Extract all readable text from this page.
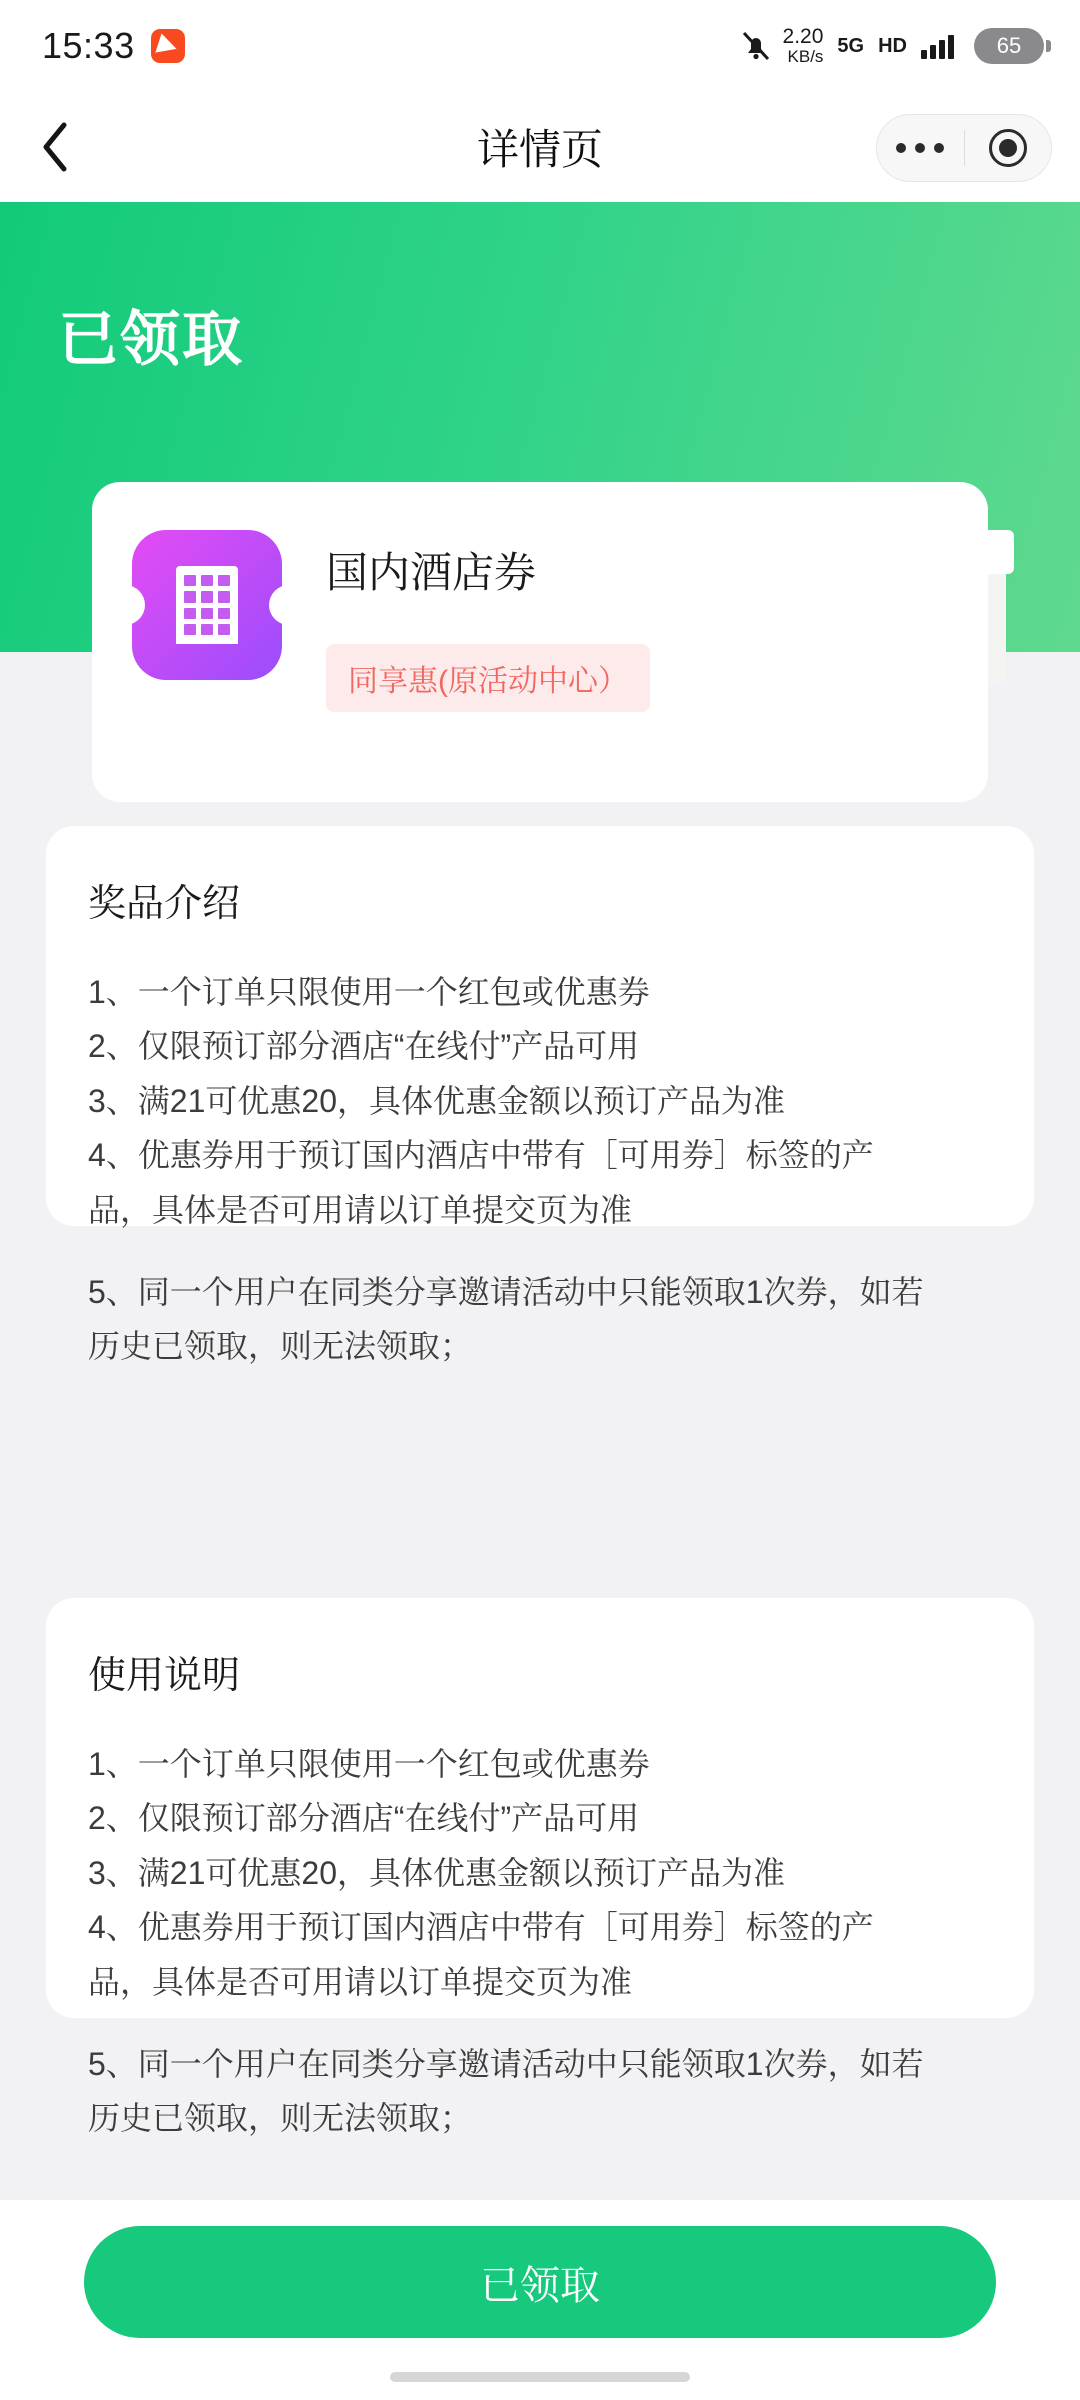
15:33	2.20
KB/s
5G HD	65
详情页
已领取
国内酒店券
同享惠(原活动中心）
奖品介绍

1、一个订单只限使用一个红包或优惠券

2、仅限预订部分酒店“在线付”产品可用

3、满21可优惠20，具体优惠金额以预订产品为准

4、优惠券用于预订国内酒店中带有［可用券］标签的产

品，具体是否可用请以订单提交页为准

5、同一个用户在同类分享邀请活动中只能领取1次券，如若

历史已领取，则无法领取；

使用说明

1、一个订单只限使用一个红包或优惠券

2、仅限预订部分酒店“在线付”产品可用

3、满21可优惠20，具体优惠金额以预订产品为准

4、优惠券用于预订国内酒店中带有［可用券］标签的产

品，具体是否可用请以订单提交页为准

5、同一个用户在同类分享邀请活动中只能领取1次券，如若

历史已领取，则无法领取；

已领取
